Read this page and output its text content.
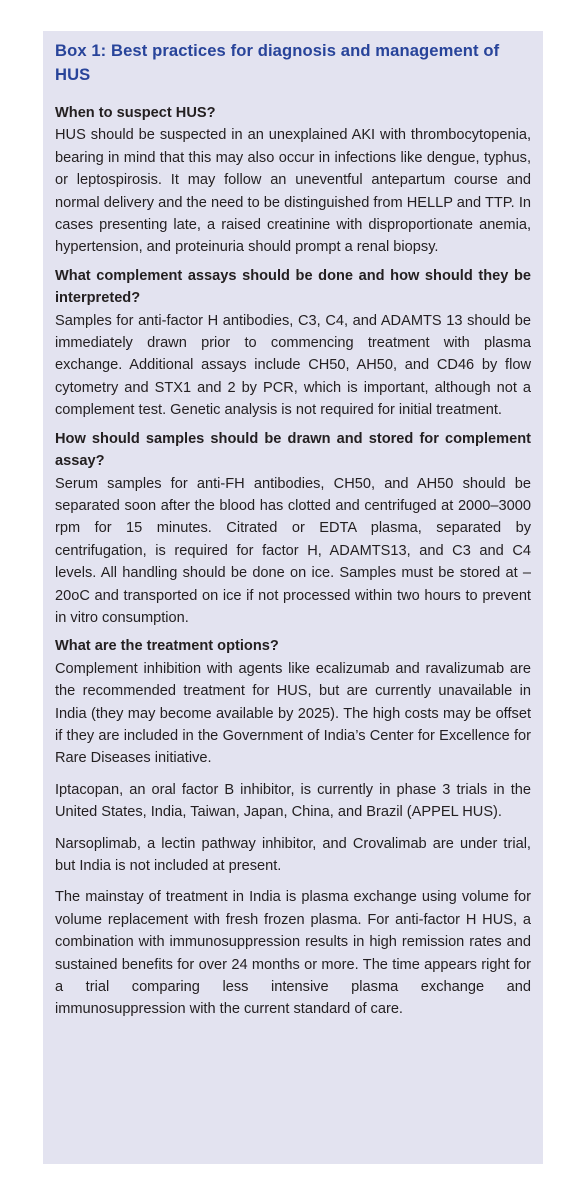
Box 1: Best practices for diagnosis and management of HUS

When to suspect HUS?

HUS should be suspected in an unexplained AKI with thrombocytopenia, bearing in mind that this may also occur in infections like dengue, typhus, or leptospirosis. It may follow an uneventful antepartum course and normal delivery and the need to be distinguished from HELLP and TTP. In cases presenting late, a raised creatinine with disproportionate anemia, hypertension, and proteinuria should prompt a renal biopsy.

What complement assays should be done and how should they be interpreted?

Samples for anti-factor H antibodies, C3, C4, and ADAMTS 13 should be immediately drawn prior to commencing treatment with plasma exchange. Additional assays include CH50, AH50, and CD46 by flow cytometry and STX1 and 2 by PCR, which is important, although not a complement test. Genetic analysis is not required for initial treatment.

How should samples should be drawn and stored for complement assay?

Serum samples for anti-FH antibodies, CH50, and AH50 should be separated soon after the blood has clotted and centrifuged at 2000–3000 rpm for 15 minutes. Citrated or EDTA plasma, separated by centrifugation, is required for factor H, ADAMTS13, and C3 and C4 levels. All handling should be done on ice. Samples must be stored at –20oC and transported on ice if not processed within two hours to prevent in vitro consumption.

What are the treatment options?

Complement inhibition with agents like ecalizumab and ravalizumab are the recommended treatment for HUS, but are currently unavailable in India (they may become available by 2025). The high costs may be offset if they are included in the Government of India’s Center for Excellence for Rare Diseases initiative.

Iptacopan, an oral factor B inhibitor, is currently in phase 3 trials in the United States, India, Taiwan, Japan, China, and Brazil (APPEL HUS).

Narsoplimab, a lectin pathway inhibitor, and Crovalimab are under trial, but India is not included at present.

The mainstay of treatment in India is plasma exchange using volume for volume replacement with fresh frozen plasma. For anti-factor H HUS, a combination with immunosuppression results in high remission rates and sustained benefits for over 24 months or more. The time appears right for a trial comparing less intensive plasma exchange and immunosuppression with the current standard of care.
